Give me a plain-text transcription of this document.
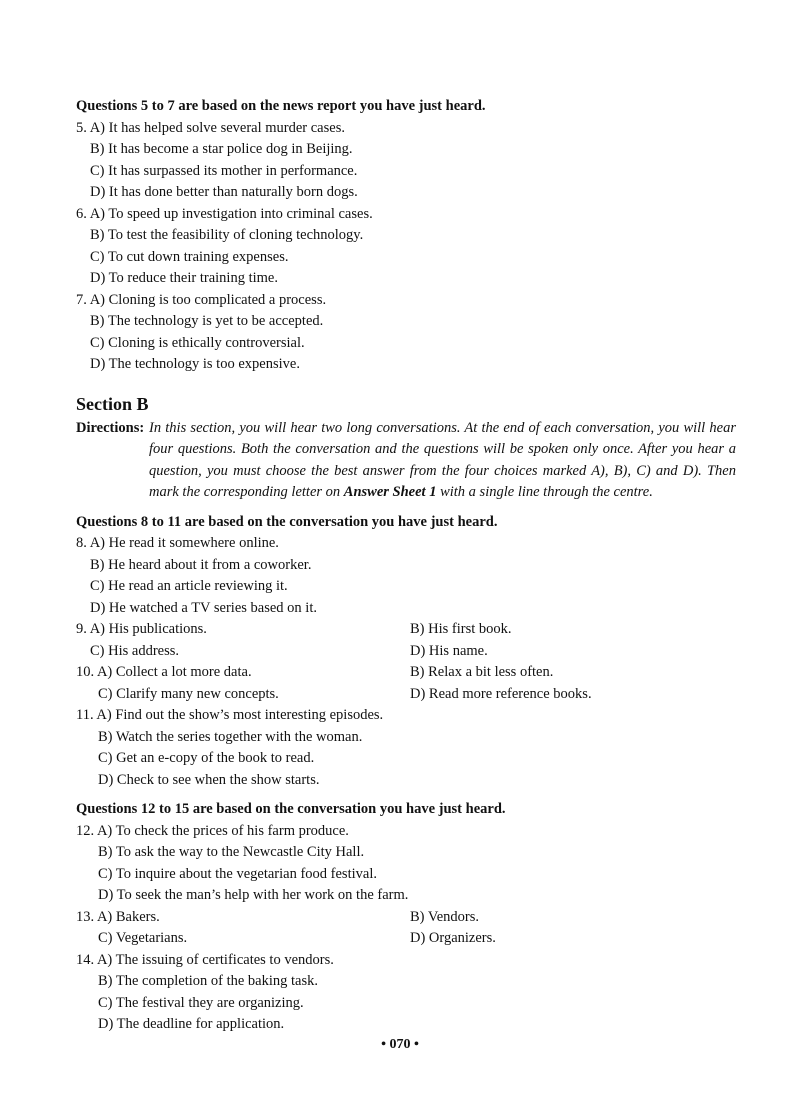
Questions 5 to 7 are based on the news report you have just heard.
5. A) It has helped solve several murder cases.
B) It has become a star police dog in Beijing.
C) It has surpassed its mother in performance.
D) It has done better than naturally born dogs.
6. A) To speed up investigation into criminal cases.
B) To test the feasibility of cloning technology.
C) To cut down training expenses.
D) To reduce their training time.
7. A) Cloning is too complicated a process.
B) The technology is yet to be accepted.
C) Cloning is ethically controversial.
D) The technology is too expensive.
Section B
Directions: In this section, you will hear two long conversations. At the end of each conversation, you will hear four questions. Both the conversation and the questions will be spoken only once. After you hear a question, you must choose the best answer from the four choices marked A), B), C) and D). Then mark the corresponding letter on Answer Sheet 1 with a single line through the centre.
Questions 8 to 11 are based on the conversation you have just heard.
8. A) He read it somewhere online.
B) He heard about it from a coworker.
C) He read an article reviewing it.
D) He watched a TV series based on it.
9. A) His publications.	B) His first book.
C) His address.	D) His name.
10. A) Collect a lot more data.	B) Relax a bit less often.
C) Clarify many new concepts.	D) Read more reference books.
11. A) Find out the show’s most interesting episodes.
B) Watch the series together with the woman.
C) Get an e-copy of the book to read.
D) Check to see when the show starts.
Questions 12 to 15 are based on the conversation you have just heard.
12. A) To check the prices of his farm produce.
B) To ask the way to the Newcastle City Hall.
C) To inquire about the vegetarian food festival.
D) To seek the man’s help with her work on the farm.
13. A) Bakers.	B) Vendors.
C) Vegetarians.	D) Organizers.
14. A) The issuing of certificates to vendors.
B) The completion of the baking task.
C) The festival they are organizing.
D) The deadline for application.
• 070 •
